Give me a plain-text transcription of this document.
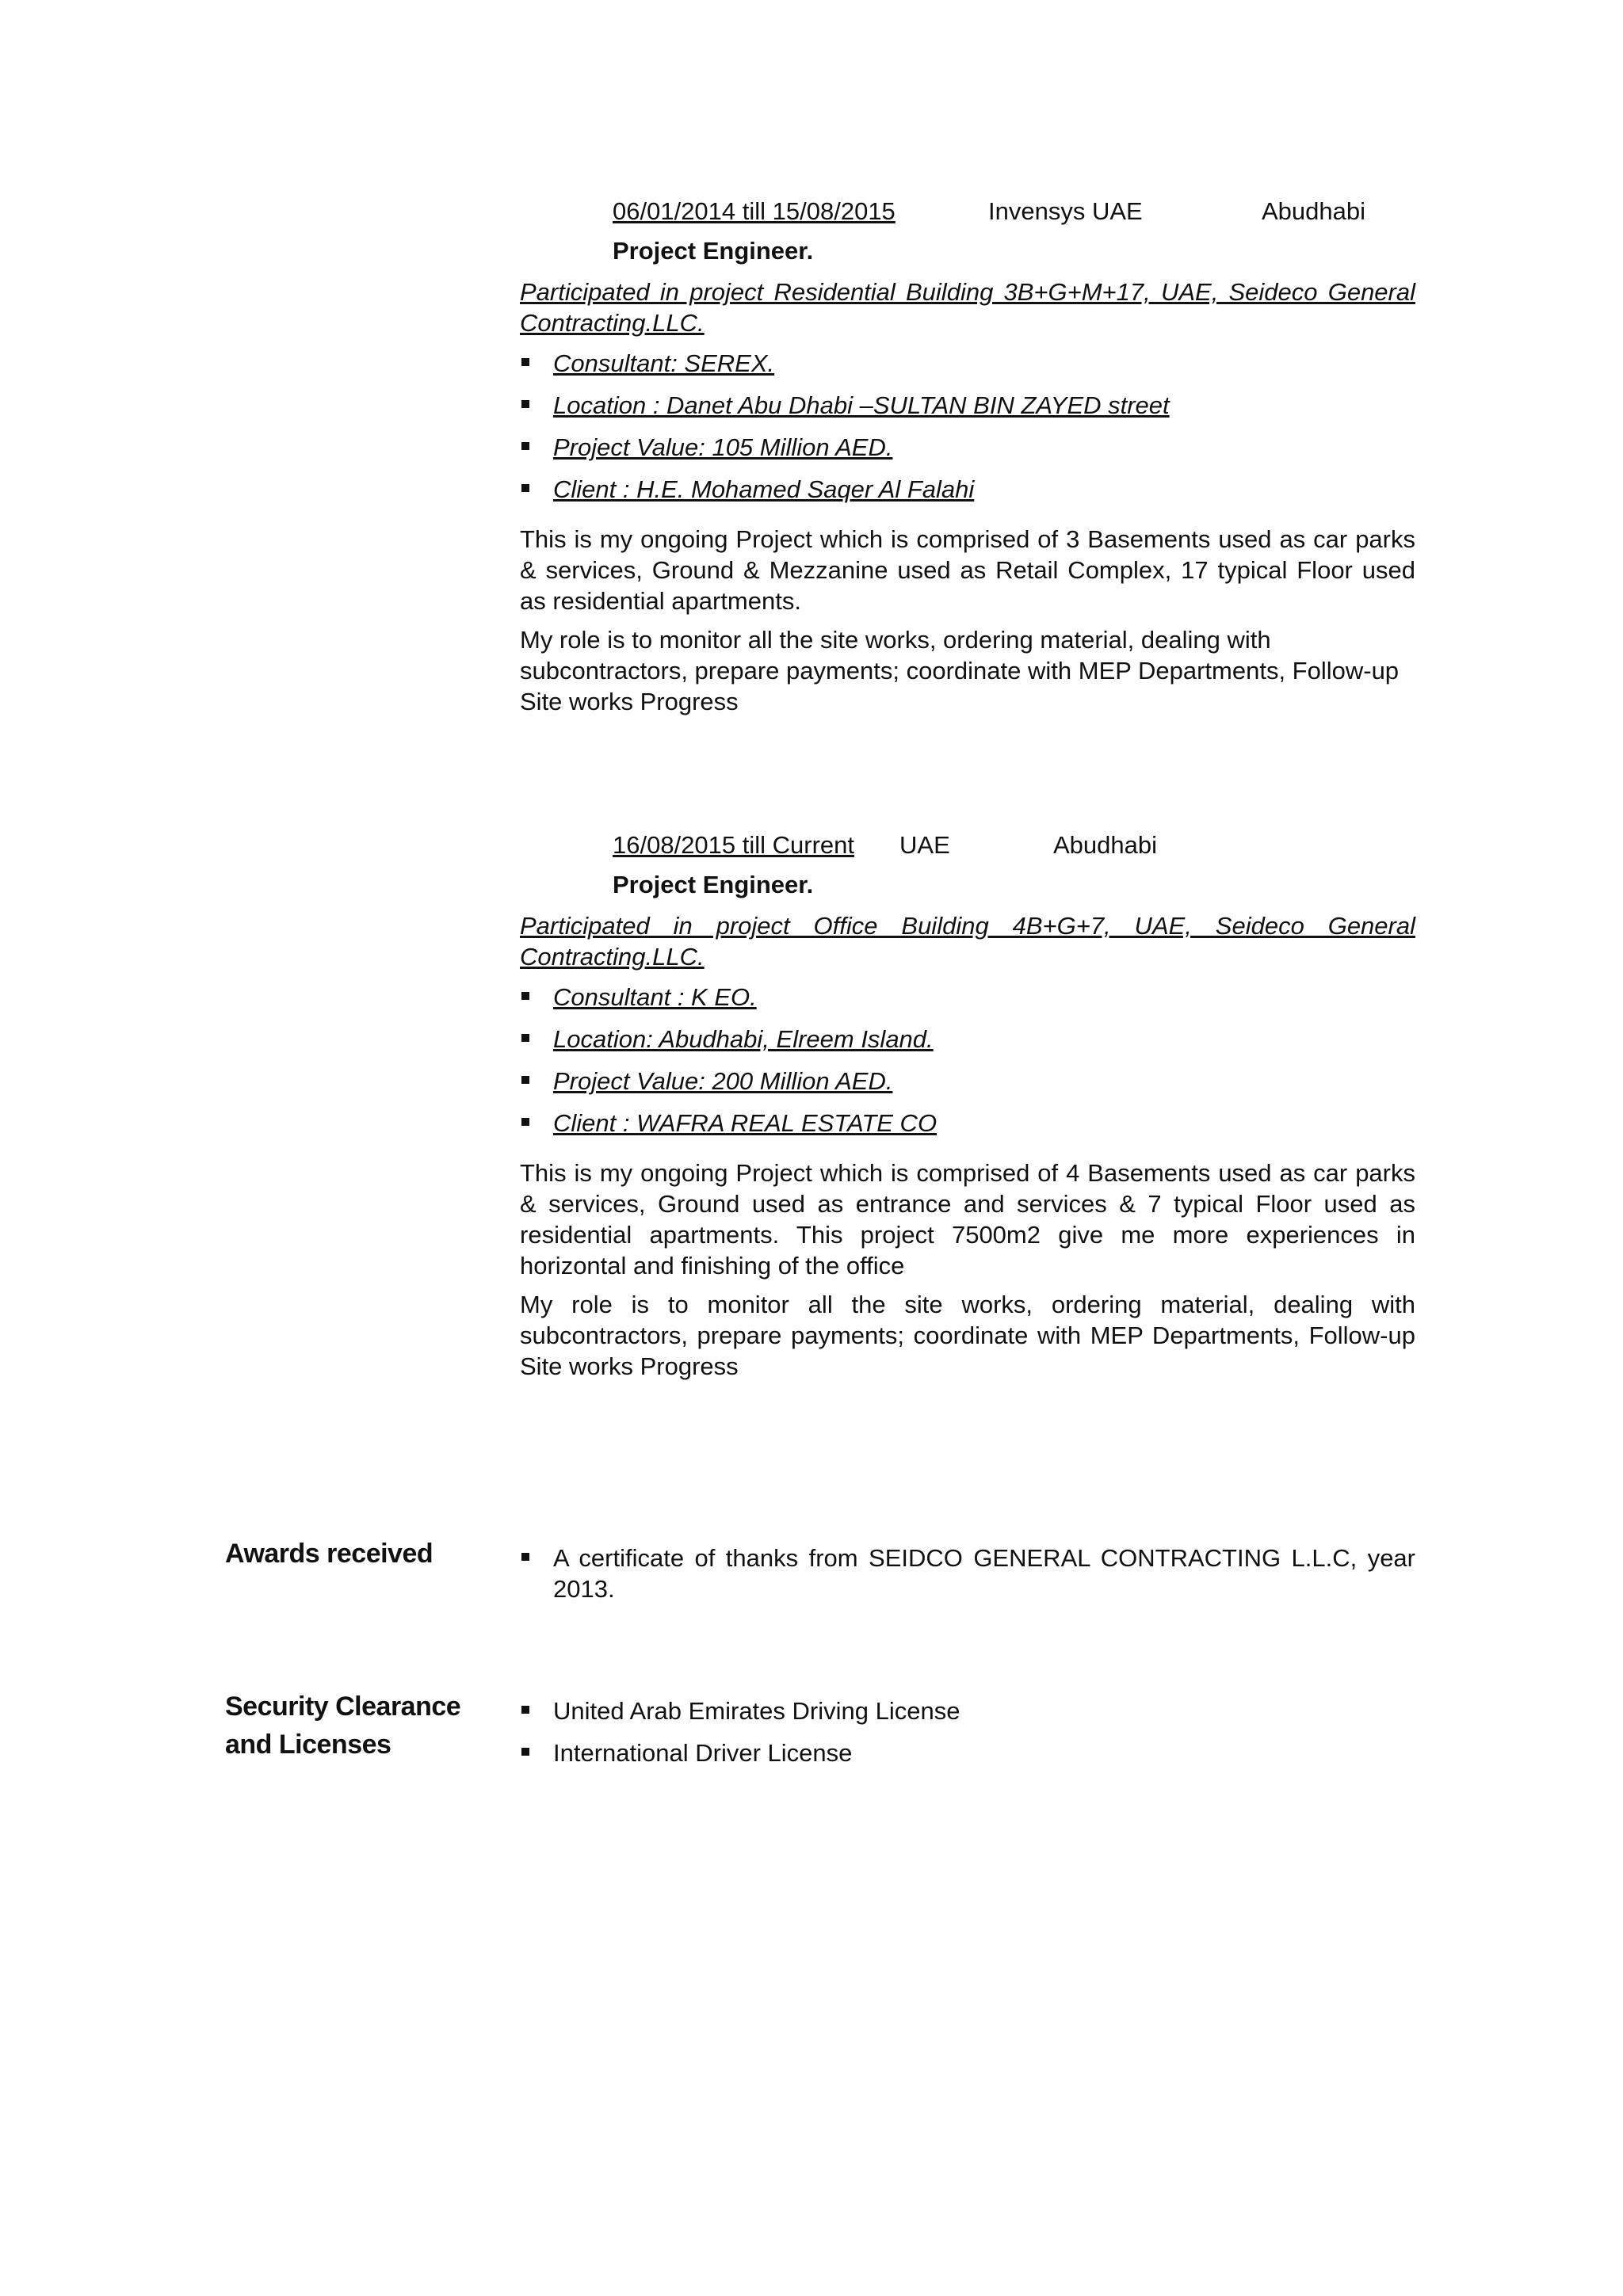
06/01/2014 till 15/08/2015	Invensys UAE	Abudhabi
Project Engineer.
Participated in project Residential Building 3B+G+M+17, UAE, Seideco General Contracting.LLC.
Consultant: SEREX.
Location : Danet Abu Dhabi –SULTAN BIN ZAYED street
Project Value: 105 Million AED.
Client : H.E. Mohamed Saqer Al Falahi

This is my ongoing Project which is comprised of 3 Basements used as car parks & services, Ground & Mezzanine used as Retail Complex, 17 typical Floor used as residential apartments.

My role is to monitor all the site works, ordering material, dealing with subcontractors, prepare payments; coordinate with MEP Departments, Follow-up Site works Progress

16/08/2015 till Current UAE	Abudhabi
Project Engineer.
Participated in project Office Building 4B+G+7, UAE, Seideco General Contracting.LLC.
Consultant : K EO.
Location: Abudhabi, Elreem Island.
Project Value: 200 Million AED.
Client : WAFRA REAL ESTATE CO

This is my ongoing Project which is comprised of 4 Basements used as car parks & services, Ground used as entrance and services & 7 typical Floor used as residential apartments. This project 7500m2 give me more experiences in horizontal and finishing of the office

My role is to monitor all the site works, ordering material, dealing with subcontractors, prepare payments; coordinate with MEP Departments, Follow-up Site works Progress

Awards received	A certificate of thanks from SEIDCO GENERAL CONTRACTING L.L.C, year 2013.
Security Clearance and Licenses
United Arab Emirates Driving License
International Driver License
